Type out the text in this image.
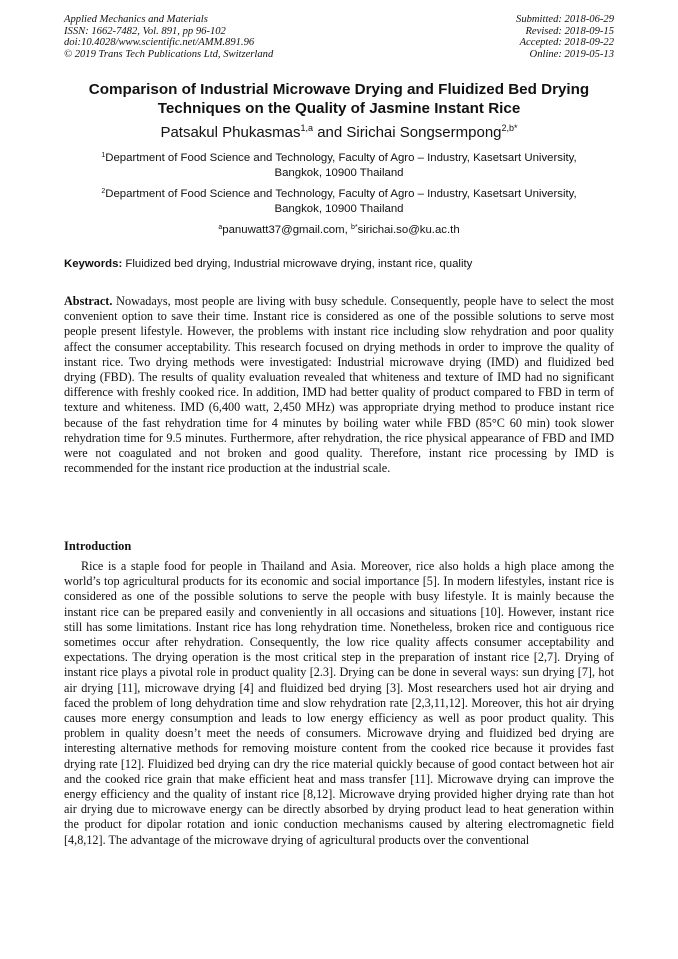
Applied Mechanics and Materials
ISSN: 1662-7482, Vol. 891, pp 96-102
doi:10.4028/www.scientific.net/AMM.891.96
© 2019 Trans Tech Publications Ltd, Switzerland
Submitted: 2018-06-29
Revised: 2018-09-15
Accepted: 2018-09-22
Online: 2019-05-13
Comparison of Industrial Microwave Drying and Fluidized Bed Drying
Techniques on the Quality of Jasmine Instant Rice
Patsakul Phukasmas$^{1,a}$ and Sirichai Songsermpong$^{2,b*}$
$^1$Department of Food Science and Technology, Faculty of Agro – Industry, Kasetsart University,
Bangkok, 10900 Thailand
$^2$Department of Food Science and Technology, Faculty of Agro – Industry, Kasetsart University,
Bangkok, 10900 Thailand
$^a$panuwatt37@gmail.com, $^{b*}$sirichai.so@ku.ac.th
Keywords: Fluidized bed drying, Industrial microwave drying, instant rice, quality
Abstract. Nowadays, most people are living with busy schedule. Consequently, people have to select the most convenient option to save their time. Instant rice is considered as one of the possible solutions to serve most people present lifestyle. However, the problems with instant rice including slow rehydration and poor quality affect the consumer acceptability. This research focused on drying methods in order to improve the quality of instant rice. Two drying methods were investigated: Industrial microwave drying (IMD) and fluidized bed drying (FBD). The results of quality evaluation revealed that whiteness and texture of IMD had no significant difference with freshly cooked rice. In addition, IMD had better quality of product compared to FBD in term of texture and whiteness. IMD (6,400 watt, 2,450 MHz) was appropriate drying method to produce instant rice because of the fast rehydration time for 4 minutes by boiling water while FBD (85°C 60 min) took slower rehydration time for 9.5 minutes. Furthermore, after rehydration, the rice physical appearance of FBD and IMD were not coagulated and not broken and good quality. Therefore, instant rice processing by IMD is recommended for the instant rice production at the industrial scale.
Introduction
Rice is a staple food for people in Thailand and Asia. Moreover, rice also holds a high place among the world’s top agricultural products for its economic and social importance [5]. In modern lifestyles, instant rice is considered as one of the possible solutions to serve the people with busy lifestyle. It is mainly because the instant rice can be prepared easily and conveniently in all occasions and situations [10]. However, instant rice still has some limitations. Instant rice has long rehydration time. Nonetheless, broken rice and contiguous rice sometimes occur after rehydration. Consequently, the low rice quality affects consumer acceptability and expectations. The drying operation is the most critical step in the preparation of instant rice [2,7]. Drying of instant rice plays a pivotal role in product quality [2.3]. Drying can be done in several ways: sun drying [7], hot air drying [11], microwave drying [4] and fluidized bed drying [3]. Most researchers used hot air drying and faced the problem of long dehydration time and slow rehydration rate [2,3,11,12]. Moreover, this hot air drying causes more energy consumption and leads to low energy efficiency as well as poor product quality. This problem in quality doesn’t meet the needs of consumers. Microwave drying and fluidized bed drying are interesting alternative methods for removing moisture content from the cooked rice because it provides fast drying rate [12]. Fluidized bed drying can dry the rice material quickly because of good contact between hot air and the cooked rice grain that make efficient heat and mass transfer [11]. Microwave drying can improve the energy efficiency and the quality of instant rice [8,12]. Microwave drying provided higher drying rate than hot air drying due to microwave energy can be directly absorbed by drying product lead to heat generation within the product for dipolar rotation and ionic conduction mechanisms caused by altering electromagnetic field [4,8,12]. The advantage of the microwave drying of agricultural products over the conventional
